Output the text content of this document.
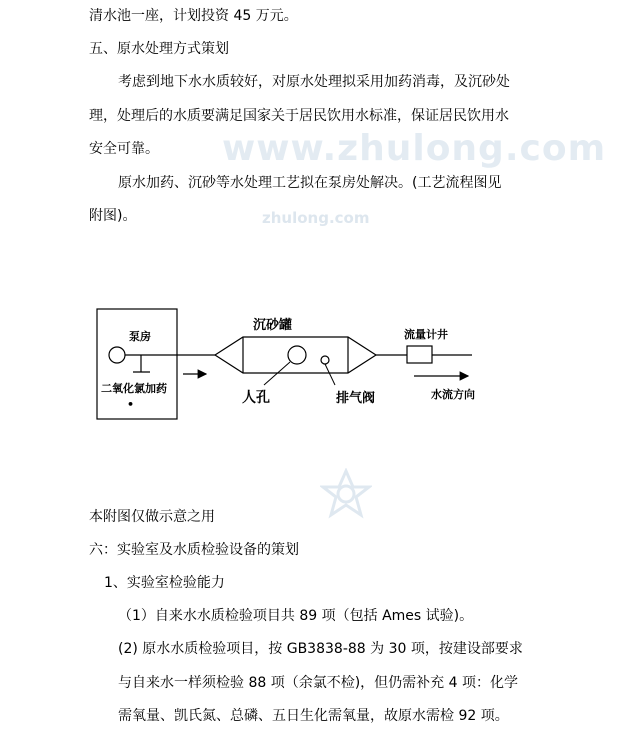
www.zhulong.com
zhulong.com
清水池一座，计划投资 45 万元。
五、原水处理方式策划
考虑到地下水水质较好，对原水处理拟采用加药消毒，及沉砂处
理，处理后的水质要满足国家关于居民饮用水标准，保证居民饮用水
安全可靠。
原水加药、沉砂等水处理工艺拟在泵房处解决。(工艺流程图见
附图)。
泵房
二氧化氯加药
•
沉砂罐
人孔	排气阀
流量计井
水流方向
本附图仅做示意之用
六：实验室及水质检验设备的策划
1、实验室检验能力
（1）自来水水质检验项目共 89 项（包括 Ames 试验)。
(2) 原水水质检验项目，按 GB3838-88 为 30 项，按建设部要求
与自来水一样须检验 88 项（余氯不检)，但仍需补充 4 项：化学
需氧量、凯氏氮、总磷、五日生化需氧量，故原水需检 92 项。
